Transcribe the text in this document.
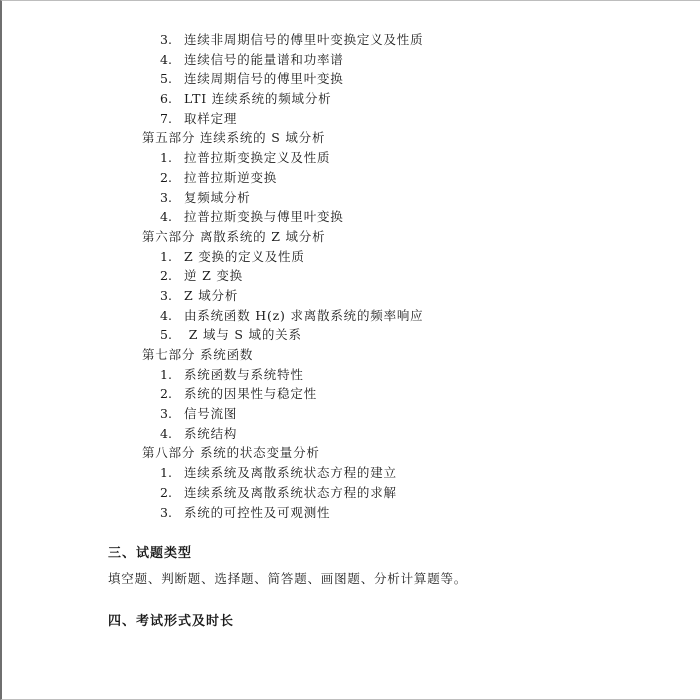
3. 连续非周期信号的傅里叶变换定义及性质
4. 连续信号的能量谱和功率谱
5. 连续周期信号的傅里叶变换
6. LTI 连续系统的频域分析
7. 取样定理
第五部分 连续系统的 S 域分析
1. 拉普拉斯变换定义及性质
2. 拉普拉斯逆变换
3. 复频域分析
4. 拉普拉斯变换与傅里叶变换
第六部分 离散系统的 Z 域分析
1. Z 变换的定义及性质
2. 逆 Z 变换
3. Z 域分析
4. 由系统函数 H(z) 求离散系统的频率响应
5. Z 域与 S 域的关系
第七部分 系统函数
1. 系统函数与系统特性
2. 系统的因果性与稳定性
3. 信号流图
4. 系统结构
第八部分 系统的状态变量分析
1. 连续系统及离散系统状态方程的建立
2. 连续系统及离散系统状态方程的求解
3. 系统的可控性及可观测性
三、试题类型
填空题、判断题、选择题、简答题、画图题、分析计算题等。
四、考试形式及时长
